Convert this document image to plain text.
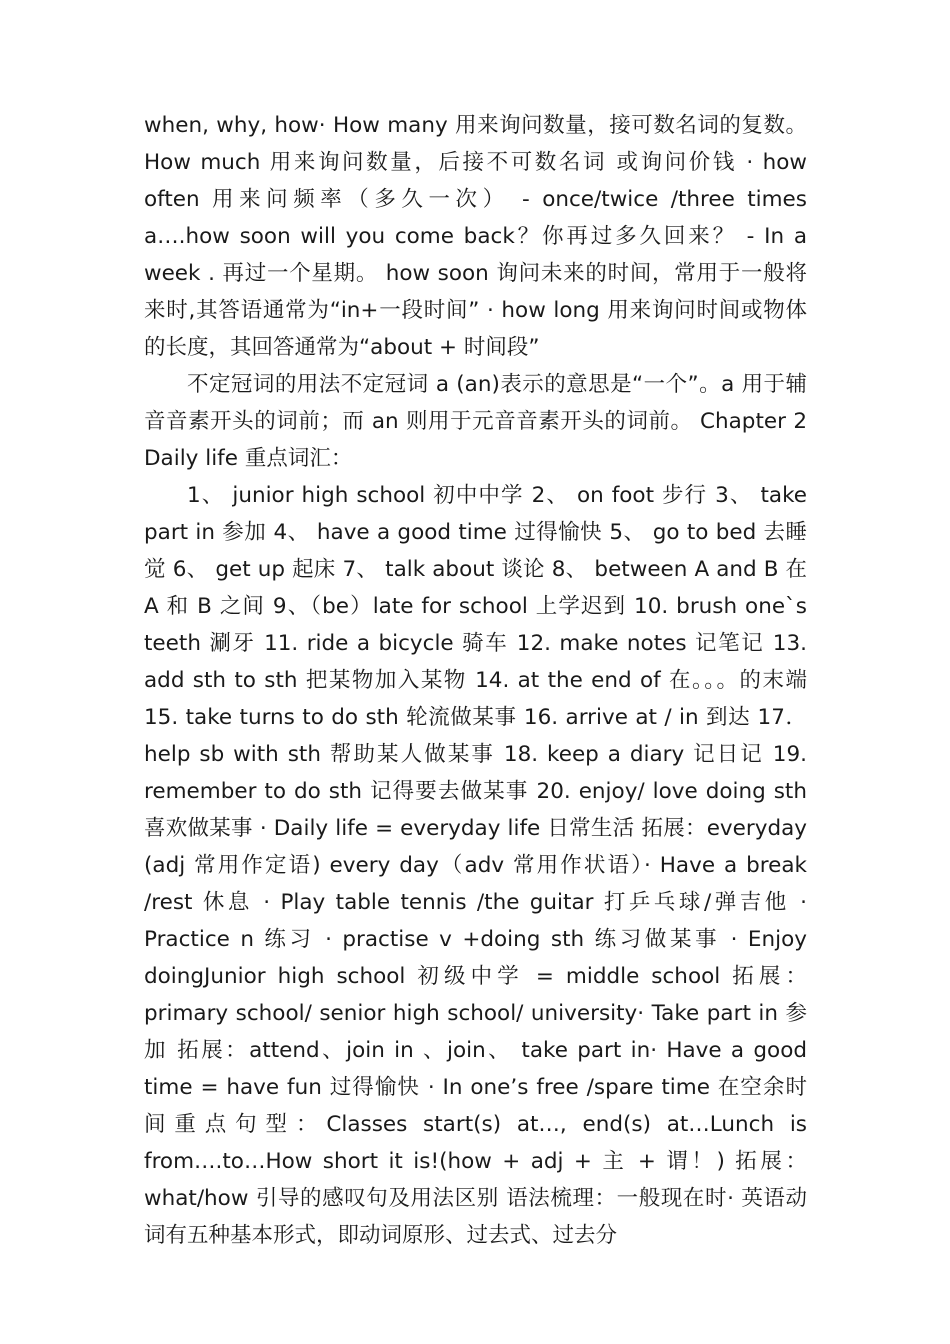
when, why, how· How many 用来询问数量，接可数名词的复数。 How much 用来询问数量，后接不可数名词 或询问价钱 · how often 用来问频率（多久一次） - once/twice /three times a….how soon will you come back？你再过多久回来？ - In a week . 再过一个星期。 how soon 询问未来的时间，常用于一般将来时,其答语通常为“in+一段时间” · how long 用来询问时间或物体的长度，其回答通常为“about + 时间段”

不定冠词的用法不定冠词 a (an)表示的意思是“一个”。a 用于辅音音素开头的词前；而 an 则用于元音音素开头的词前。 Chapter 2 Daily life 重点词汇：

1、 junior high school 初中中学 2、 on foot 步行 3、 take part in 参加 4、 have a good time 过得愉快 5、 go to bed 去睡觉 6、 get up 起床 7、 talk about 谈论 8、 between A and B 在 A 和 B 之间 9、（be）late for school 上学迟到 10. brush one`s teeth 涮牙 11. ride a bicycle 骑车 12. make notes 记笔记 13. add sth to sth 把某物加入某物 14. at the end of 在。。。的末端 15. take turns to do sth 轮流做某事 16. arrive at / in 到达 17．help sb with sth 帮助某人做某事 18. keep a diary 记日记 19. remember to do sth 记得要去做某事 20. enjoy/ love doing sth 喜欢做某事 · Daily life = everyday life 日常生活 拓展：everyday (adj 常用作定语) every day（adv 常用作状语）· Have a break /rest 休息 · Play table tennis /the guitar 打乒乓球/弹吉他 · Practice n 练习 · practise v +doing sth 练习做某事 · Enjoy doingJunior high school 初级中学 = middle school 拓展：primary school/ senior high school/ university· Take part in 参加 拓展：attend、join in 、join、 take part in· Have a good time = have fun 过得愉快 · In one’s free /spare time 在空余时间重点句型：Classes start(s) at…, end(s) at…Lunch is from….to…How short it is!(how + adj + 主 + 谓！) 拓展：what/how 引导的感叹句及用法区别 语法梳理：一般现在时· 英语动词有五种基本形式，即动词原形、过去式、过去分
